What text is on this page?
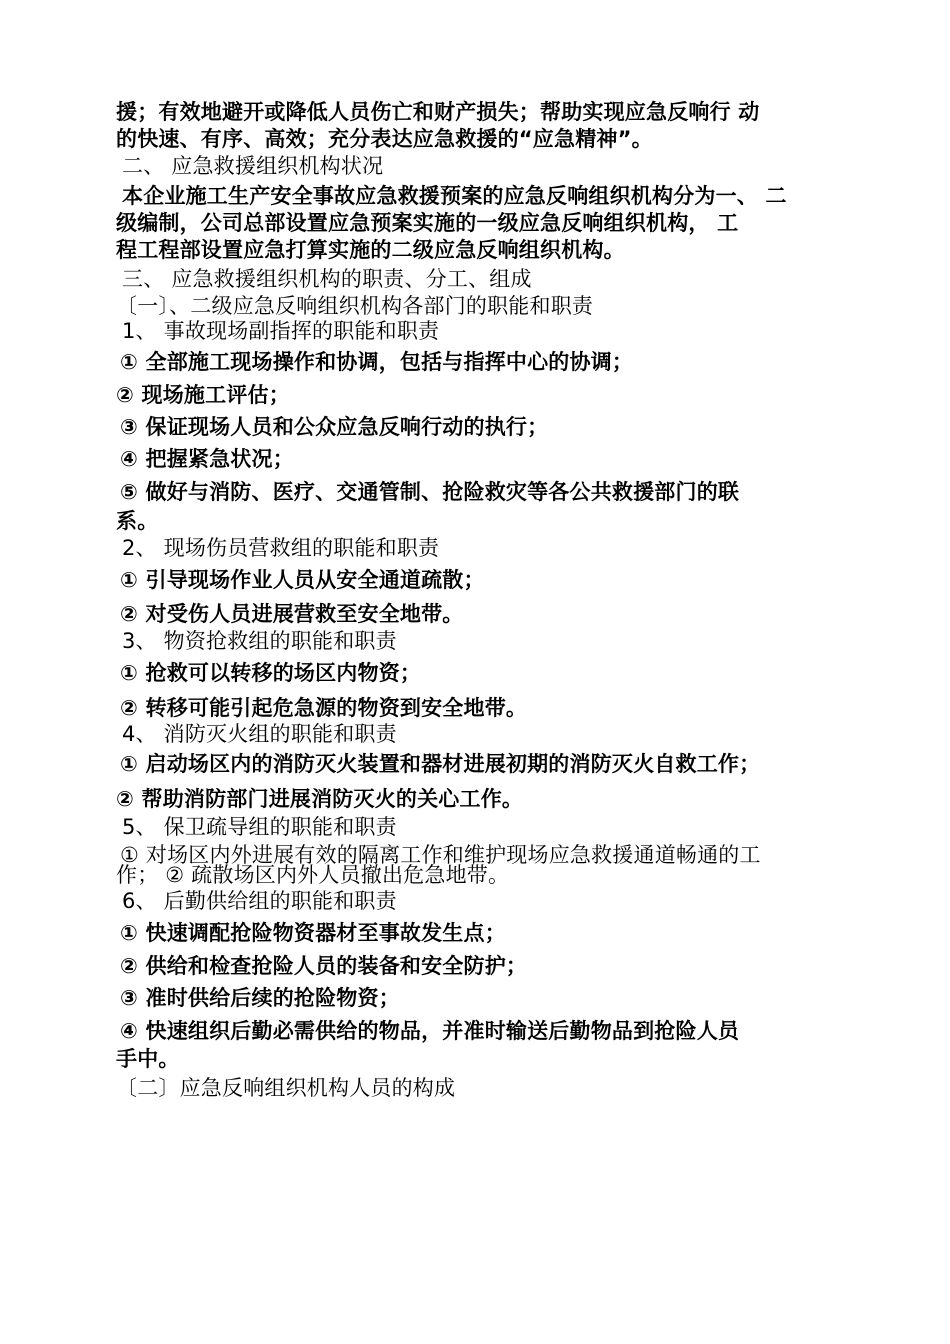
援；有效地避开或降低人员伤亡和财产损失；帮助实现应急反响行 动
的快速、有序、高效；充分表达应急救援的“应急精神”。
二、 应急救援组织机构状况
本企业施工生产安全事故应急救援预案的应急反响组织机构分为一、 二
级编制，公司总部设置应急预案实施的一级应急反响组织机构， 工
程工程部设置应急打算实施的二级应急反响组织机构。
三、 应急救援组织机构的职责、分工、组成
〔一〕、二级应急反响组织机构各部门的职能和职责
1、 事故现场副指挥的职能和职责
① 全部施工现场操作和协调，包括与指挥中心的协调；
② 现场施工评估；
③ 保证现场人员和公众应急反响行动的执行；
④ 把握紧急状况；
⑤ 做好与消防、医疗、交通管制、抢险救灾等各公共救援部门的联
系。
2、 现场伤员营救组的职能和职责
① 引导现场作业人员从安全通道疏散；
② 对受伤人员进展营救至安全地带。
3、 物资抢救组的职能和职责
① 抢救可以转移的场区内物资；
② 转移可能引起危急源的物资到安全地带。
4、 消防灭火组的职能和职责
① 启动场区内的消防灭火装置和器材进展初期的消防灭火自救工作；
② 帮助消防部门进展消防灭火的关心工作。
5、 保卫疏导组的职能和职责
① 对场区内外进展有效的隔离工作和维护现场应急救援通道畅通的工
作； ② 疏散场区内外人员撤出危急地带。
6、 后勤供给组的职能和职责
① 快速调配抢险物资器材至事故发生点；
② 供给和检查抢险人员的装备和安全防护；
③ 准时供给后续的抢险物资；
④ 快速组织后勤必需供给的物品，并准时输送后勤物品到抢险人员
手中。
〔二〕应急反响组织机构人员的构成
